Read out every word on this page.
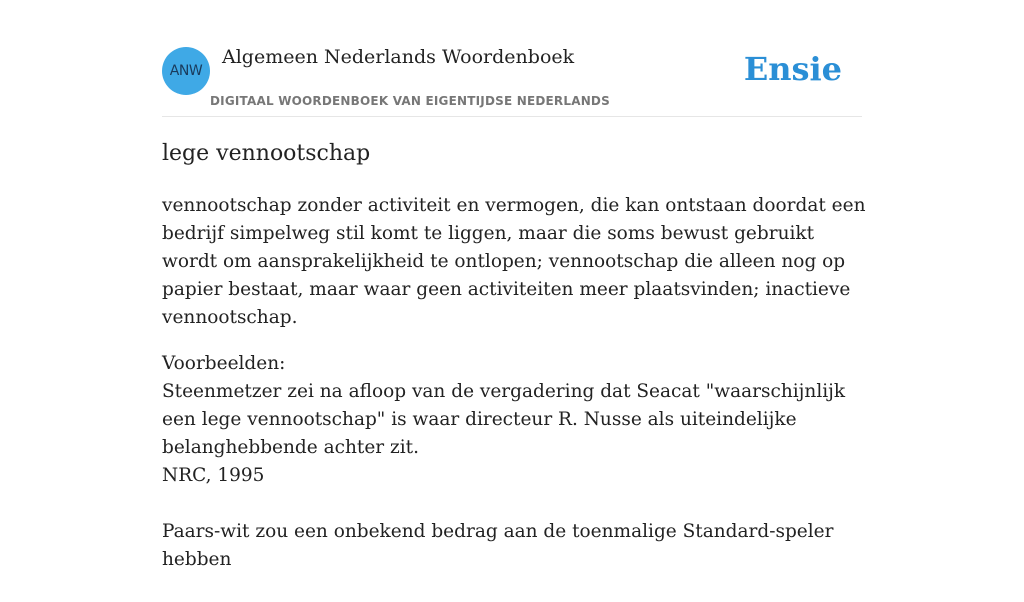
ANW
Algemeen Nederlands Woordenboek
DIGITAAL WOORDENBOEK VAN EIGENTIJDSE NEDERLANDS
Ensie
lege vennootschap

vennootschap zonder activiteit en vermogen, die kan ontstaan doordat een bedrijf simpelweg stil komt te liggen, maar die soms bewust gebruikt wordt om aansprakelijkheid te ontlopen; vennootschap die alleen nog op papier bestaat, maar waar geen activiteiten meer plaatsvinden; inactieve vennootschap.

Voorbeelden:
Steenmetzer zei na afloop van de vergadering dat Seacat "waarschijnlijk een lege vennootschap" is waar directeur R. Nusse als uiteindelijke belanghebbende achter zit.
NRC, 1995
Paars-wit zou een onbekend bedrag aan de toenmalige Standard-speler hebben
